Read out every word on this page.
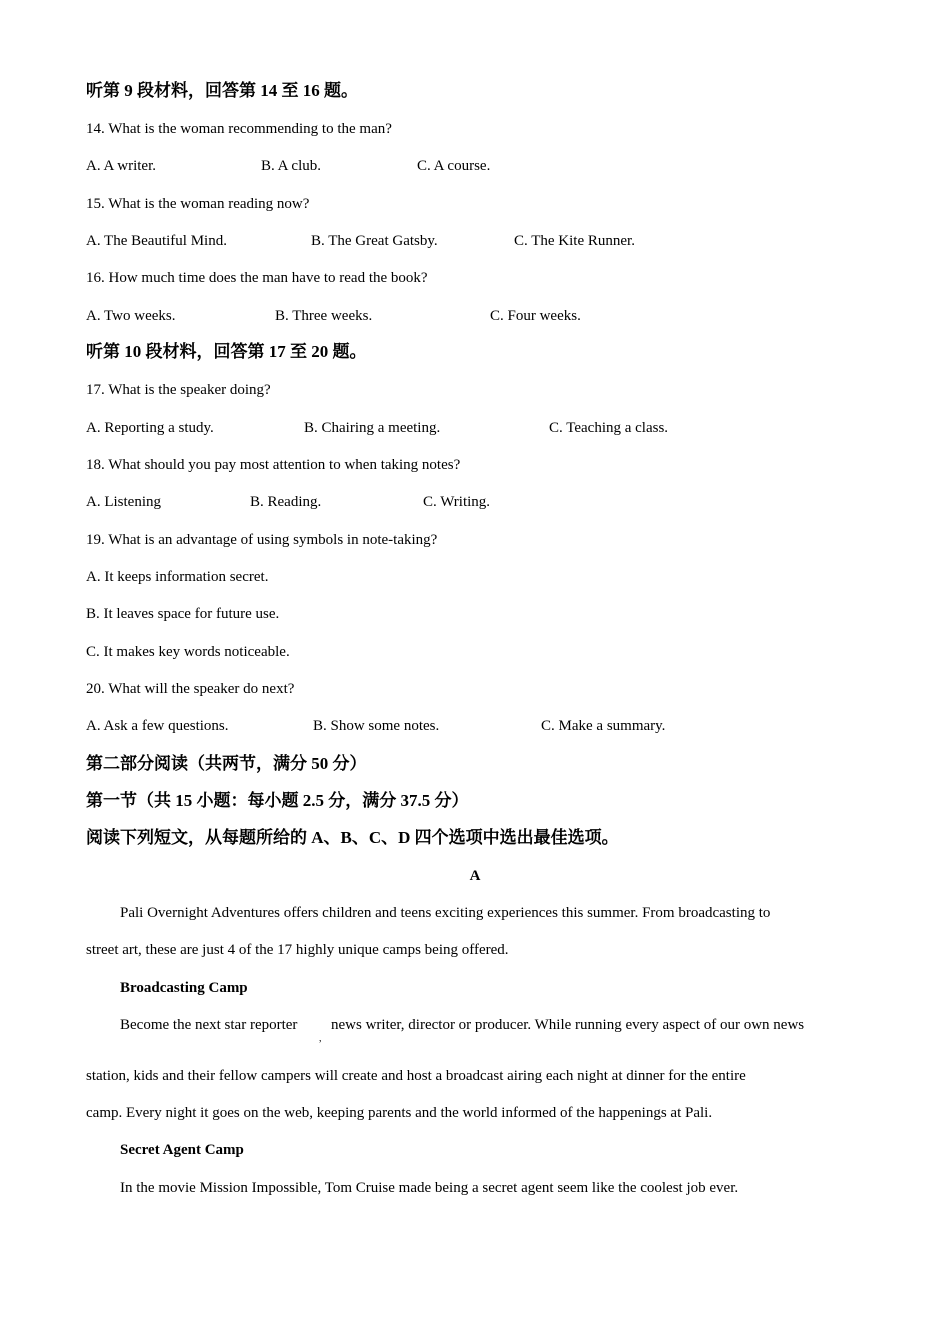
听第 9 段材料，回答第 14 至 16 题。
14. What is the woman recommending to the man?
A. A writer.	B. A club.	C. A course.
15. What is the woman reading now?
A. The Beautiful Mind.	B. The Great Gatsby.	C. The Kite Runner.
16. How much time does the man have to read the book?
A. Two weeks.	B. Three weeks.	C. Four weeks.
听第 10 段材料，回答第 17 至 20 题。
17. What is the speaker doing?
A. Reporting a study.	B. Chairing a meeting.	C. Teaching a class.
18. What should you pay most attention to when taking notes?
A. Listening	B. Reading.	C. Writing.
19. What is an advantage of using symbols in note-taking?
A. It keeps information secret.
B. It leaves space for future use.
C. It makes key words noticeable.
20. What will the speaker do next?
A. Ask a few questions.	B. Show some notes.	C. Make a summary.
第二部分阅读（共两节，满分 50 分）
第一节（共 15 小题：每小题 2.5 分，满分 37.5 分）
阅读下列短文，从每题所给的 A、B、C、D 四个选项中选出最佳选项。
A
Pali Overnight Adventures offers children and teens exciting experiences this summer. From broadcasting to
street art, these are just 4 of the 17 highly unique camps being offered.
Broadcasting Camp
Become the next star reporter
,
news writer, director or producer. While running every aspect of our own news
station, kids and their fellow campers will create and host a broadcast airing each night at dinner for the entire
camp. Every night it goes on the web, keeping parents and the world informed of the happenings at Pali.
Secret Agent Camp
In the movie Mission Impossible, Tom Cruise made being a secret agent seem like the coolest job ever.
